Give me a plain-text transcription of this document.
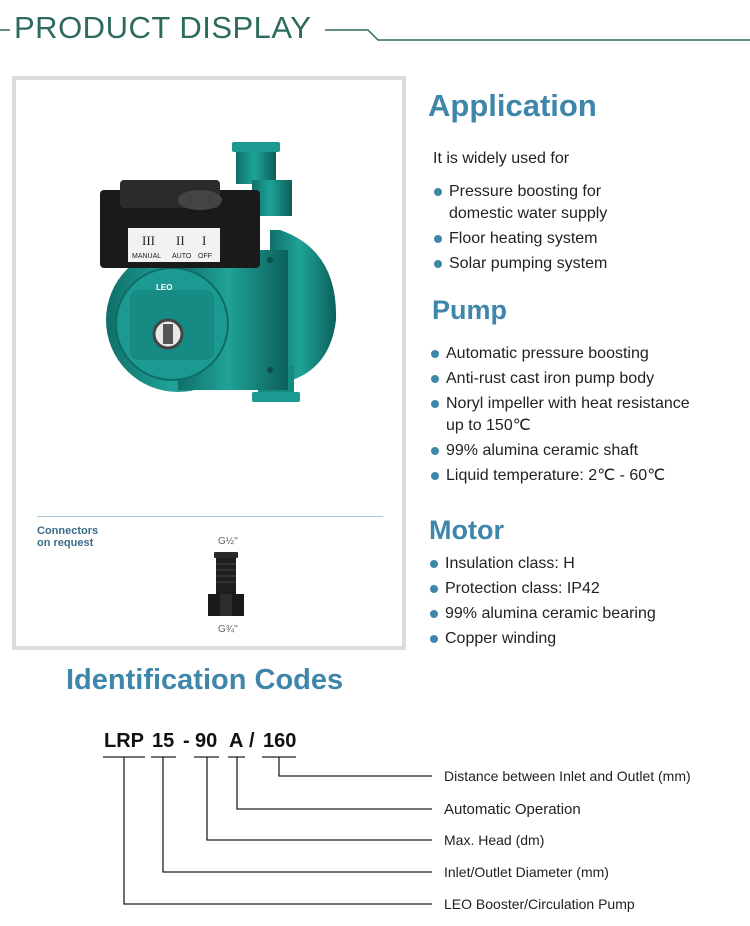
PRODUCT DISPLAY
III II I
MANUAL AUTO OFF
LEO
Connectors
on request	G½"
G¾"
Application
It is widely used for
Pressure boosting for
domestic water supply
Floor heating system
Solar pumping system
Pump
Automatic pressure boosting
Anti-rust cast iron pump body
Noryl impeller with heat resistance
up to 150℃
99% alumina ceramic shaft
Liquid temperature: 2℃ - 60℃
Motor
Insulation class: H
Protection class: IP42
99% alumina ceramic bearing
Copper winding
Identification Codes
LRP 15 - 90 A / 160
Distance between Inlet and Outlet (mm)
Automatic Operation
Max. Head (dm)
Inlet/Outlet Diameter (mm)
LEO Booster/Circulation Pump
